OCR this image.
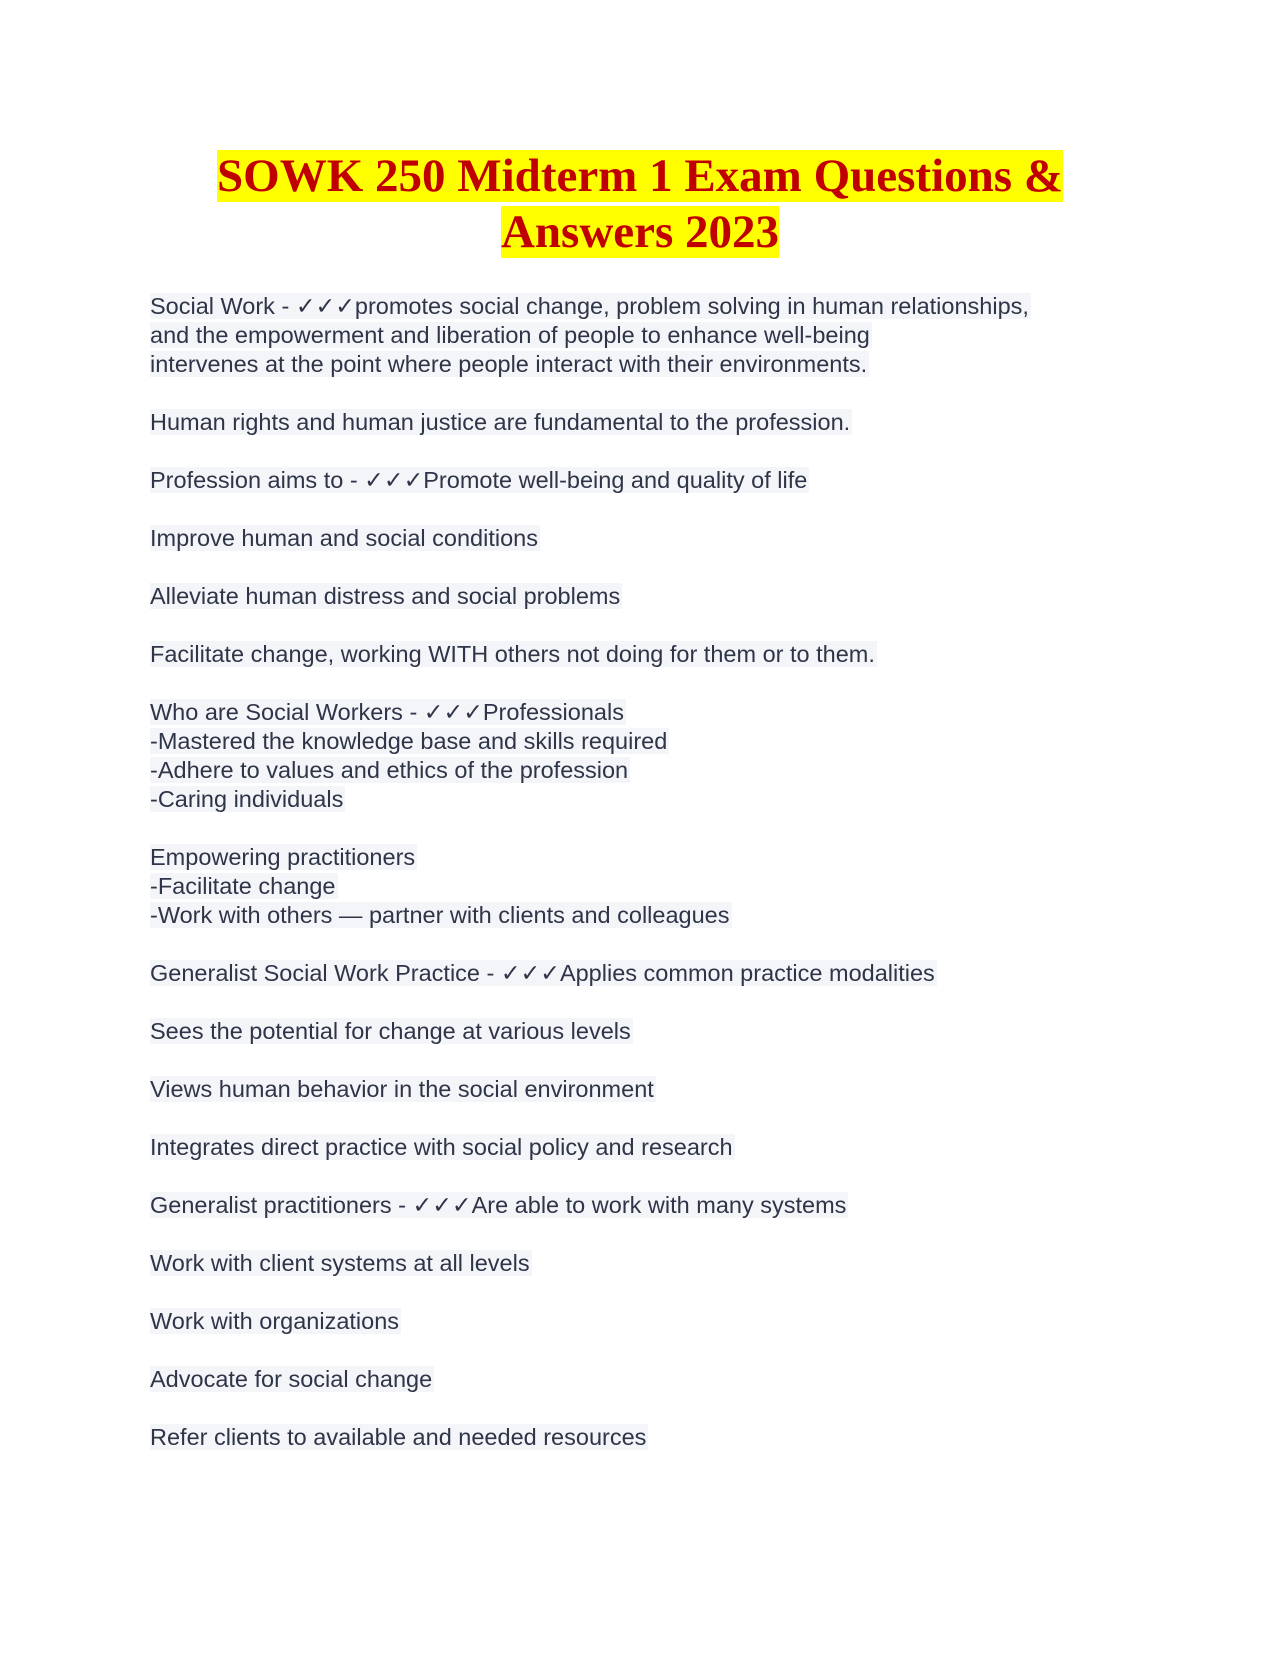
SOWK 250 Midterm 1 Exam Questions &
Answers 2023

Social Work - ✓✓✓promotes social change, problem solving in human relationships,
and the empowerment and liberation of people to enhance well-being
intervenes at the point where people interact with their environments.

Human rights and human justice are fundamental to the profession.

Profession aims to - ✓✓✓Promote well-being and quality of life

Improve human and social conditions

Alleviate human distress and social problems

Facilitate change, working WITH others not doing for them or to them.

Who are Social Workers - ✓✓✓Professionals
-Mastered the knowledge base and skills required
-Adhere to values and ethics of the profession
-Caring individuals

Empowering practitioners
-Facilitate change
-Work with others — partner with clients and colleagues

Generalist Social Work Practice - ✓✓✓Applies common practice modalities

Sees the potential for change at various levels

Views human behavior in the social environment

Integrates direct practice with social policy and research

Generalist practitioners - ✓✓✓Are able to work with many systems

Work with client systems at all levels

Work with organizations

Advocate for social change

Refer clients to available and needed resources
